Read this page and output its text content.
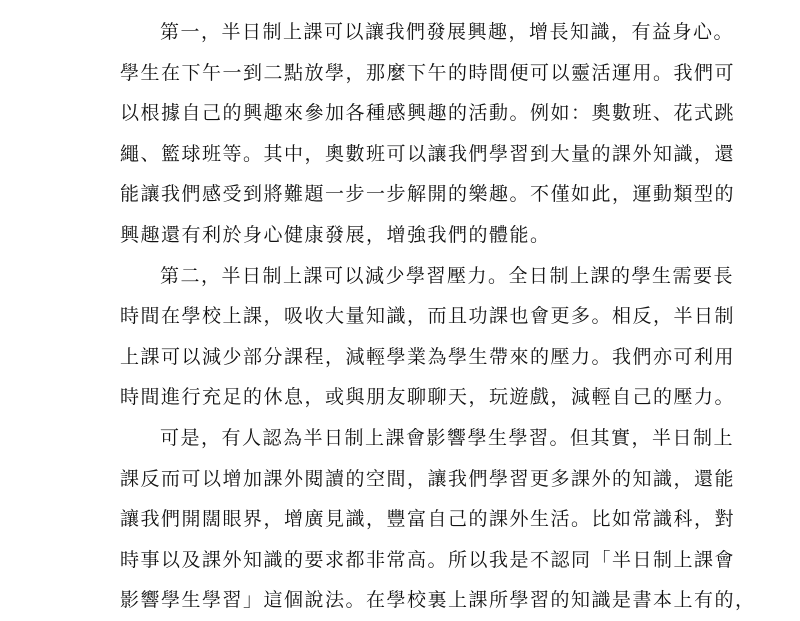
第一，半日制上課可以讓我們發展興趣，增長知識，有益身心。
學生在下午一到二點放學，那麼下午的時間便可以靈活運用。我們可
以根據自己的興趣來參加各種感興趣的活動。例如：奧數班、花式跳
繩、籃球班等。其中，奧數班可以讓我們學習到大量的課外知識，還
能讓我們感受到將難題一步一步解開的樂趣。不僅如此，運動類型的
興趣還有利於身心健康發展，增強我們的體能。
第二，半日制上課可以減少學習壓力。全日制上課的學生需要長
時間在學校上課，吸收大量知識，而且功課也會更多。相反，半日制
上課可以減少部分課程，減輕學業為學生帶來的壓力。我們亦可利用
時間進行充足的休息，或與朋友聊聊天，玩遊戲，減輕自己的壓力。
可是，有人認為半日制上課會影響學生學習。但其實，半日制上
課反而可以增加課外閱讀的空間，讓我們學習更多課外的知識，還能
讓我們開闊眼界，增廣見識，豐富自己的課外生活。比如常識科，對
時事以及課外知識的要求都非常高。所以我是不認同「半日制上課會
影響學生學習」這個說法。在學校裏上課所學習的知識是書本上有的，
